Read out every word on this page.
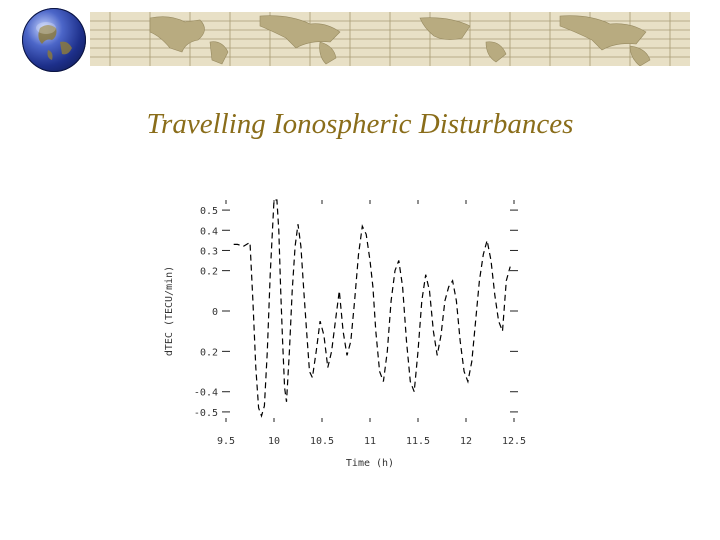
Travelling Ionospheric Disturbances
9.5	10	10.5	11	11.5	12	12.5
-0.5
-0.4
0.2
0
0.2
0.4
0.3
0.5
Time (h)
dTEC (TECU/min)
